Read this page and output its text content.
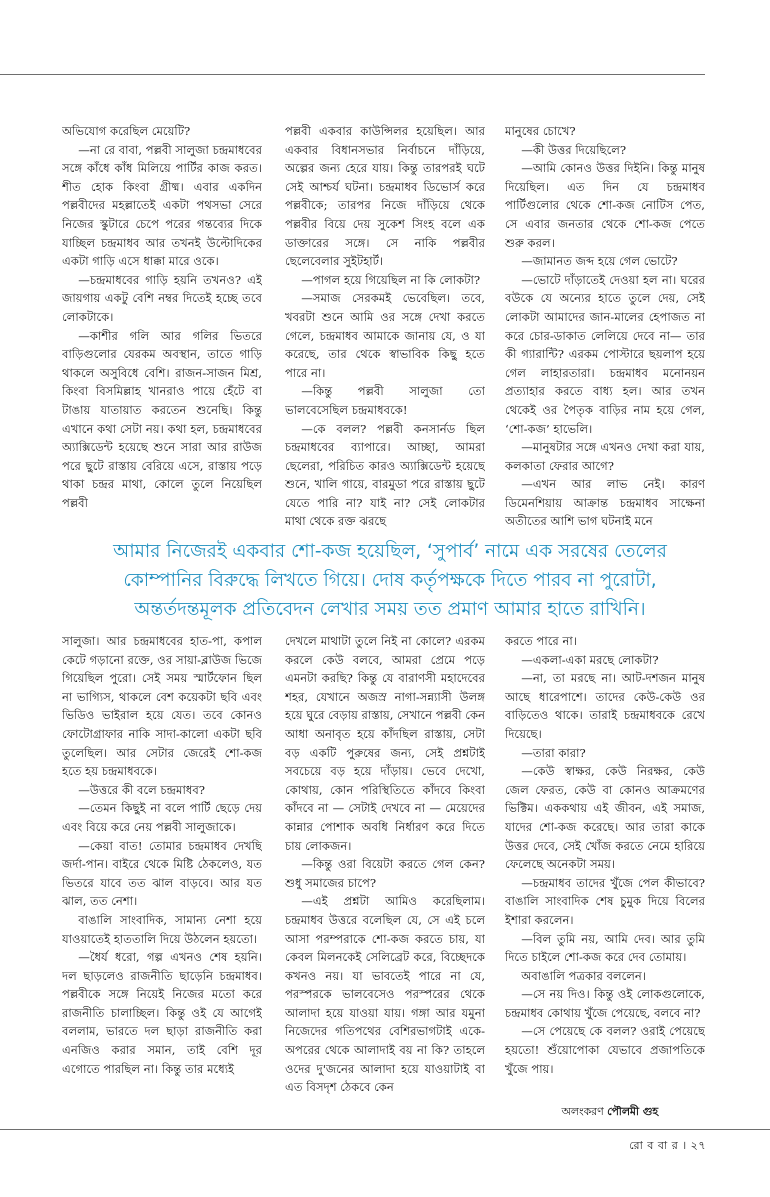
অভিযোগ করেছিল মেয়েটি?

—না রে বাবা, পল্লবী সালুজা চন্দ্রমাধবের সঙ্গে কাঁধে কাঁধ মিলিয়ে পার্টির কাজ করত। শীত হোক কিংবা গ্রীষ্ম। এবার একদিন পল্লবীদের মহল্লাতেই একটা পথসভা সেরে নিজের স্কুটারে চেপে পরের গন্তব্যের দিকে যাচ্ছিল চন্দ্রমাধব আর তখনই উল্টোদিকের একটা গাড়ি এসে ধাক্কা মারে ওকে।

—চন্দ্রমাধবের গাড়ি হয়নি তখনও? এই জায়গায় একটু বেশি নম্বর দিতেই হচ্ছে তবে লোকটাকে।

—কাশীর গলি আর গলির ভিতরে বাড়িগুলোর যেরকম অবস্থান, তাতে গাড়ি থাকলে অসুবিধে বেশি। রাজন-সাজন মিশ্র, কিংবা বিসমিল্লাহ খানরাও পায়ে হেঁটে বা টাঙায় যাতায়াত করতেন শুনেছি। কিন্তু এখানে কথা সেটা নয়। কথা হল, চন্দ্রমাধবের অ্যাক্সিডেন্ট হয়েছে শুনে সারা আর রাউজ পরে ছুটে রাস্তায় বেরিয়ে এসে, রাস্তায় পড়ে থাকা চন্দ্রর মাথা, কোলে তুলে নিয়েছিল পল্লবী

পল্লবী একবার কাউন্সিলর হয়েছিল। আর একবার বিধানসভার নির্বাচনে দাঁড়িয়ে, অল্পের জন্য হেরে যায়। কিন্তু তারপরই ঘটে সেই আশ্চর্য ঘটনা। চন্দ্রমাধব ডিভোর্স করে পল্লবীকে; তারপর নিজে দাঁড়িয়ে থেকে পল্লবীর বিয়ে দেয় সুকেশ সিংহ বলে এক ডাক্তারের সঙ্গে। সে নাকি পল্লবীর ছেলেবেলার সুইটহার্ট।

—পাগল হয়ে গিয়েছিল না কি লোকটা?

—সমাজ সেরকমই ভেবেছিল। তবে, খবরটা শুনে আমি ওর সঙ্গে দেখা করতে গেলে, চন্দ্রমাধব আমাকে জানায় যে, ও যা করেছে, তার থেকে স্বাভাবিক কিছু হতে পারে না।

—কিন্তু পল্লবী সালুজা তো ভালবেসেছিল চন্দ্রমাধবকে!

—কে বলল? পল্লবী কনসার্নড ছিল চন্দ্রমাধবের ব্যাপারে। আচ্ছা, আমরা ছেলেরা, পরিচিত কারও অ্যাক্সিডেন্ট হয়েছে শুনে, খালি গায়ে, বারমুডা পরে রাস্তায় ছুটে যেতে পারি না? যাই না? সেই লোকটার মাথা থেকে রক্ত ঝরছে

মানুষের চোখে?

—কী উত্তর দিয়েছিলে?

—আমি কোনও উত্তর দিইনি। কিন্তু মানুষ দিয়েছিল। এত দিন যে চন্দ্রমাধব পার্টিগুলোর থেকে শো-কজ নোটিস পেত, সে এবার জনতার থেকে শো-কজ পেতে শুরু করল।

—জামানত জব্দ হয়ে গেল ভোটে?

—ভোটে দাঁড়াতেই দেওয়া হল না। ঘরের বউকে যে অন্যের হাতে তুলে দেয়, সেই লোকটা আমাদের জান-মালের হেপাজত না করে চোর-ডাকাত লেলিয়ে দেবে না— তার কী গ্যারান্টি? এরকম পোস্টারে ছয়লাপ হয়ে গেল লাহারতারা। চন্দ্রমাধব মনোনয়ন প্রত্যাহার করতে বাধ্য হল। আর তখন থেকেই ওর পৈতৃক বাড়ির নাম হয়ে গেল, ‘শো-কজ’ হাভেলি।

—মানুষটার সঙ্গে এখনও দেখা করা যায়, কলকাতা ফেরার আগে?

—এখন আর লাভ নেই। কারণ ডিমেনশিয়ায় আক্রান্ত চন্দ্রমাধব সাক্ষেনা অতীতের আশি ভাগ ঘটনাই মনে

আমার নিজেরই একবার শো-কজ হয়েছিল, ‘সুপার্ব’ নামে এক সরষের তেলের
কোম্পানির বিরুদ্ধে লিখতে গিয়ে। দোষ কর্তৃপক্ষকে দিতে পারব না পুরোটা,
অন্তর্তদন্তমূলক প্রতিবেদন লেখার সময় তত প্রমাণ আমার হাতে রাখিনি।

সালুজা। আর চন্দ্রমাধবের হাত-পা, কপাল কেটে গড়ানো রক্তে, ওর সায়া-ব্লাউজ ভিজে গিয়েছিল পুরো। সেই সময় স্মার্টফোন ছিল না ভাগ্যিস, থাকলে বেশ কয়েকটা ছবি এবং ভিডিও ভাইরাল হয়ে যেত। তবে কোনও ফোটোগ্রাফার নাকি সাদা-কালো একটা ছবি তুলেছিল। আর সেটার জেরেই শো-কজ হতে হয় চন্দ্রমাধবকে।

—উত্তরে কী বলে চন্দ্রমাধব?

—তেমন কিছুই না বলে পার্টি ছেড়ে দেয় এবং বিয়ে করে নেয় পল্লবী সালুজাকে।

—কেয়া বাত! তোমার চন্দ্রমাধব দেখছি জর্দা-পান। বাইরে থেকে মিষ্টি ঠেকলেও, যত ভিতরে যাবে তত ঝাল বাড়বে। আর যত ঝাল, তত নেশা।

বাঙালি সাংবাদিক, সামান্য নেশা হয়ে যাওয়াতেই হাততালি দিয়ে উঠলেন হয়তো।

—ধৈর্য ধরো, গল্প এখনও শেষ হয়নি। দল ছাড়লেও রাজনীতি ছাড়েনি চন্দ্রমাধব। পল্লবীকে সঙ্গে নিয়েই নিজের মতো করে রাজনীতি চালাচ্ছিল। কিন্তু ওই যে আগেই বললাম, ভারতে দল ছাড়া রাজনীতি করা এনজিও করার সমান, তাই বেশি দূর এগোতে পারছিল না। কিন্তু তার মধ্যেই

দেখলে মাথাটা তুলে নিই না কোলে? এরকম করলে কেউ বলবে, আমরা প্রেমে পড়ে এমনটা করছি? কিন্তু যে বারাণসী মহাদেবের শহর, যেখানে অজস্র নাগা-সন্ন্যাসী উলঙ্গ হয়ে ঘুরে বেড়ায় রাস্তায়, সেখানে পল্লবী কেন আধা অনাবৃত হয়ে কাঁদছিল রাস্তায়, সেটা বড় একটি পুরুষের জন্য, সেই প্রশ্নটাই সবচেয়ে বড় হয়ে দাঁড়ায়। ভেবে দেখো, কোথায়, কোন পরিস্থিতিতে কাঁদবে কিংবা কাঁদবে না — সেটাই দেখবে না — মেয়েদের কান্নার পোশাক অবধি নির্ধারণ করে দিতে চায় লোকজন।

—কিন্তু ওরা বিয়েটা করতে গেল কেন? শুধু সমাজের চাপে?

—এই প্রশ্নটা আমিও করেছিলাম। চন্দ্রমাধব উত্তরে বলেছিল যে, সে এই চলে আসা পরম্পরাকে শো-কজ করতে চায়, যা কেবল মিলনকেই সেলিব্রেট করে, বিচ্ছেদকে কখনও নয়। যা ভাবতেই পারে না যে, পরস্পরকে ভালবেসেও পরস্পরের থেকে আলাদা হয়ে যাওয়া যায়। গঙ্গা আর যমুনা নিজেদের গতিপথের বেশিরভাগটাই একে-অপরের থেকে আলাদাই বয় না কি? তাহলে ওদের দু'জনের আলাদা হয়ে যাওয়াটাই বা এত বিসদৃশ ঠেকবে কেন

করতে পারে না।

—একলা-একা মরছে লোকটা?

—না, তা মরছে না। আট-দশজন মানুষ আছে ধারেপাশে। তাদের কেউ-কেউ ওর বাড়িতেও থাকে। তারাই চন্দ্রমাধবকে রেখে দিয়েছে।

—তারা কারা?

—কেউ স্বাক্ষর, কেউ নিরক্ষর, কেউ জেল ফেরত, কেউ বা কোনও আক্রমণের ভিক্টিম। এককথায় এই জীবন, এই সমাজ, যাদের শো-কজ করেছে। আর তারা কাকে উত্তর দেবে, সেই খোঁজ করতে নেমে হারিয়ে ফেলেছে অনেকটা সময়।

—চন্দ্রমাধব তাদের খুঁজে পেল কীভাবে? বাঙালি সাংবাদিক শেষ চুমুক দিয়ে বিলের ইশারা করলেন।

—বিল তুমি নয়, আমি দেব। আর তুমি দিতে চাইলে শো-কজ করে দেব তোমায়।

অবাঙালি পত্রকার বললেন।

—সে নয় দিও। কিন্তু ওই লোকগুলোকে, চন্দ্রমাধব কোথায় খুঁজে পেয়েছে, বলবে না?

—সে পেয়েছে কে বলল? ওরাই পেয়েছে হয়তো! শুঁয়োপোকা যেভাবে প্রজাপতিকে খুঁজে পায়।

অলংকরণ পৌলমী গুহ
রো ব বা র । ২৭
